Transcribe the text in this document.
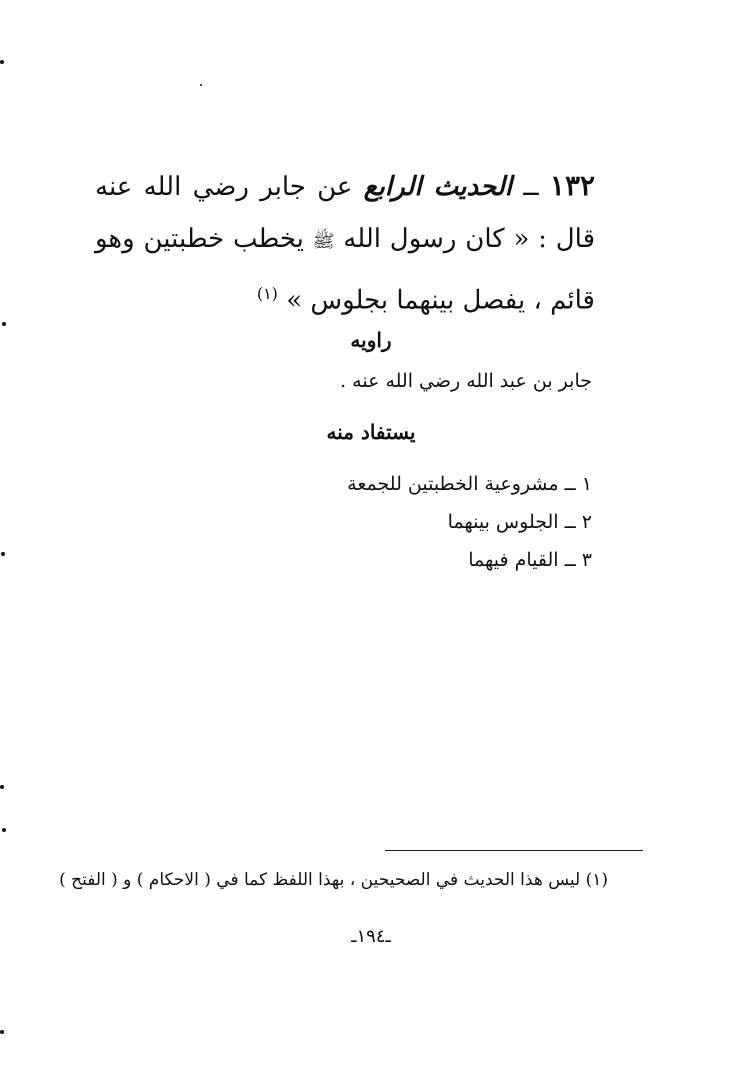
١٣٢ ــ الحديث الرابع عن جابر رضي الله عنه قال : « كان رسول الله ﷺ يخطب خطبتين وهو قائم ، يفصل بينهما بجلوس » $^{(١)}$
راويه
جابر بن عبد الله رضي الله عنه .
يستفاد منه
١ ــ مشروعية الخطبتين للجمعة
٢ ــ الجلوس بينهما
٣ ــ القيام فيهما
(١) ليس هذا الحديث في الصحيحين ، بهذا اللفظ كما في ( الاحكام ) و ( الفتح )
ـ١٩٤ـ
